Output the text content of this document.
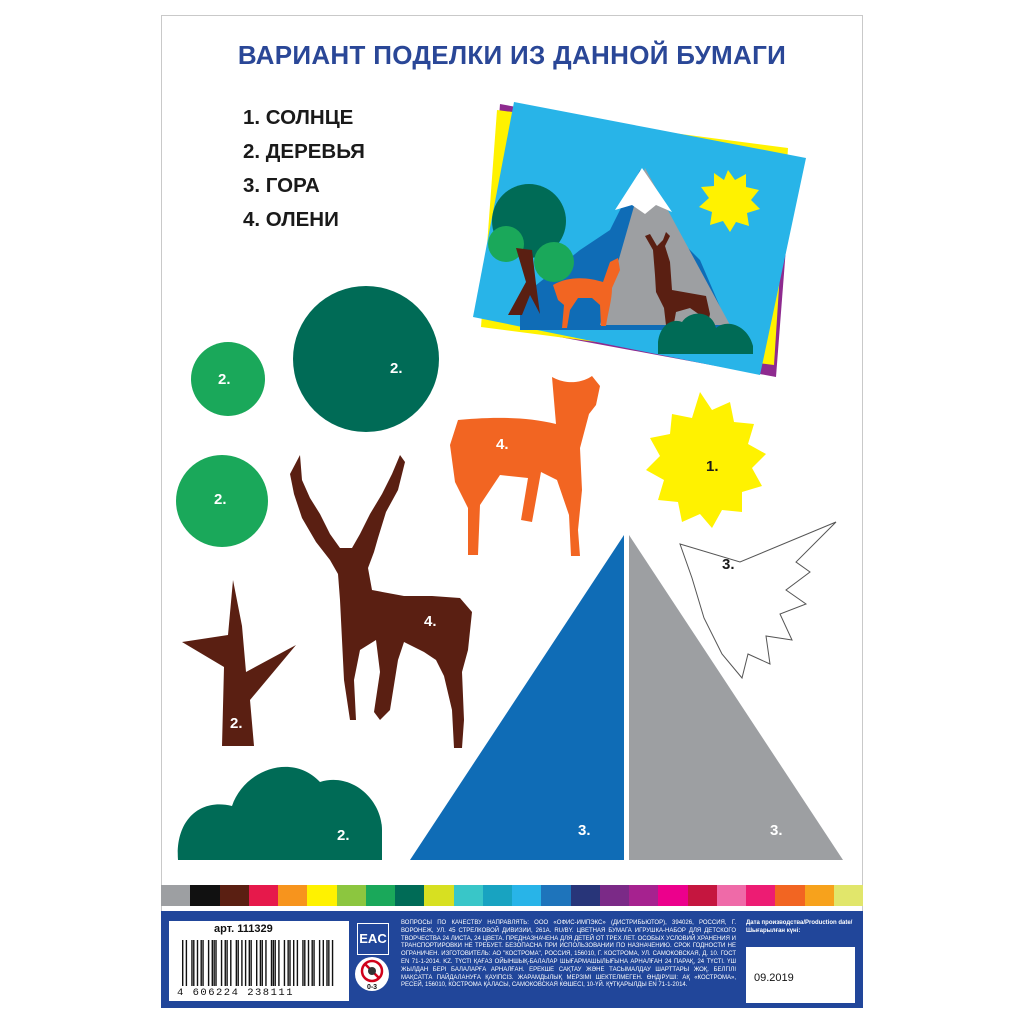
ВАРИАНТ ПОДЕЛКИ ИЗ ДАННОЙ БУМАГИ
1. СОЛНЦЕ
2. ДЕРЕВЬЯ
3. ГОРА
4. ОЛЕНИ
2.
2.
2.
2.
2.
4.
4.
1.
3.	3.
3.
арт. 111329
4 606224 238111
EAC
0-3
ВОПРОСЫ ПО КАЧЕСТВУ НАПРАВЛЯТЬ: ООО «ОФИС-ИМПЭКС» (ДИСТРИБЬЮТОР), 394026, РОССИЯ, Г. ВОРОНЕЖ, УЛ. 45 СТРЕЛКОВОЙ ДИВИЗИИ, 261А. RU/BY. ЦВЕТНАЯ БУМАГА ИГРУШКА-НАБОР ДЛЯ ДЕТСКОГО ТВОРЧЕСТВА 24 ЛИСТА, 24 ЦВЕТА. ПРЕДНАЗНАЧЕНА ДЛЯ ДЕТЕЙ ОТ ТРЕХ ЛЕТ. ОСОБЫХ УСЛОВИЙ ХРАНЕНИЯ И ТРАНСПОРТИРОВКИ НЕ ТРЕБУЕТ. БЕЗОПАСНА ПРИ ИСПОЛЬЗОВАНИИ ПО НАЗНАЧЕНИЮ. СРОК ГОДНОСТИ НЕ ОГРАНИЧЕН. ИЗГОТОВИТЕЛЬ: АО "КОСТРОМА", РОССИЯ, 156010, Г. КОСТРОМА, УЛ. САМОКОВСКАЯ, Д. 10. ГОСТ EN 71-1-2014. KZ. ТҮСТІ ҚАҒАЗ ОЙЫНШЫҚ-БАЛАЛАР ШЫҒАРМАШЫЛЫҒЫНА АРНАЛҒАН 24 ПАРАҚ, 24 ТҮСТІ. ҮШ ЖЫЛДАН БЕРІ БАЛАЛАРҒА АРНАЛҒАН. ЕРЕКШЕ САҚТАУ ЖӘНЕ ТАСЫМАЛДАУ ШАРТТАРЫ ЖОҚ. БЕЛГІЛІ МАҚСАТТА ПАЙДАЛАНУҒА ҚАУІПСІЗ. ЖАРАМДЫЛЫҚ МЕРЗІМІ ШЕКТЕЛМЕГЕН. ӨНДІРУШІ: АҚ «КОСТРОМА», РЕСЕЙ, 156010, КОСТРОМА ҚАЛАСЫ, САМОКОВСКАЯ КӨШЕСІ, 10-ҮЙ. ҚҰТҚАРЫЛДЫ EN 71-1-2014.
Дата производства/Production date/ Шығарылған күні:
09.2019
